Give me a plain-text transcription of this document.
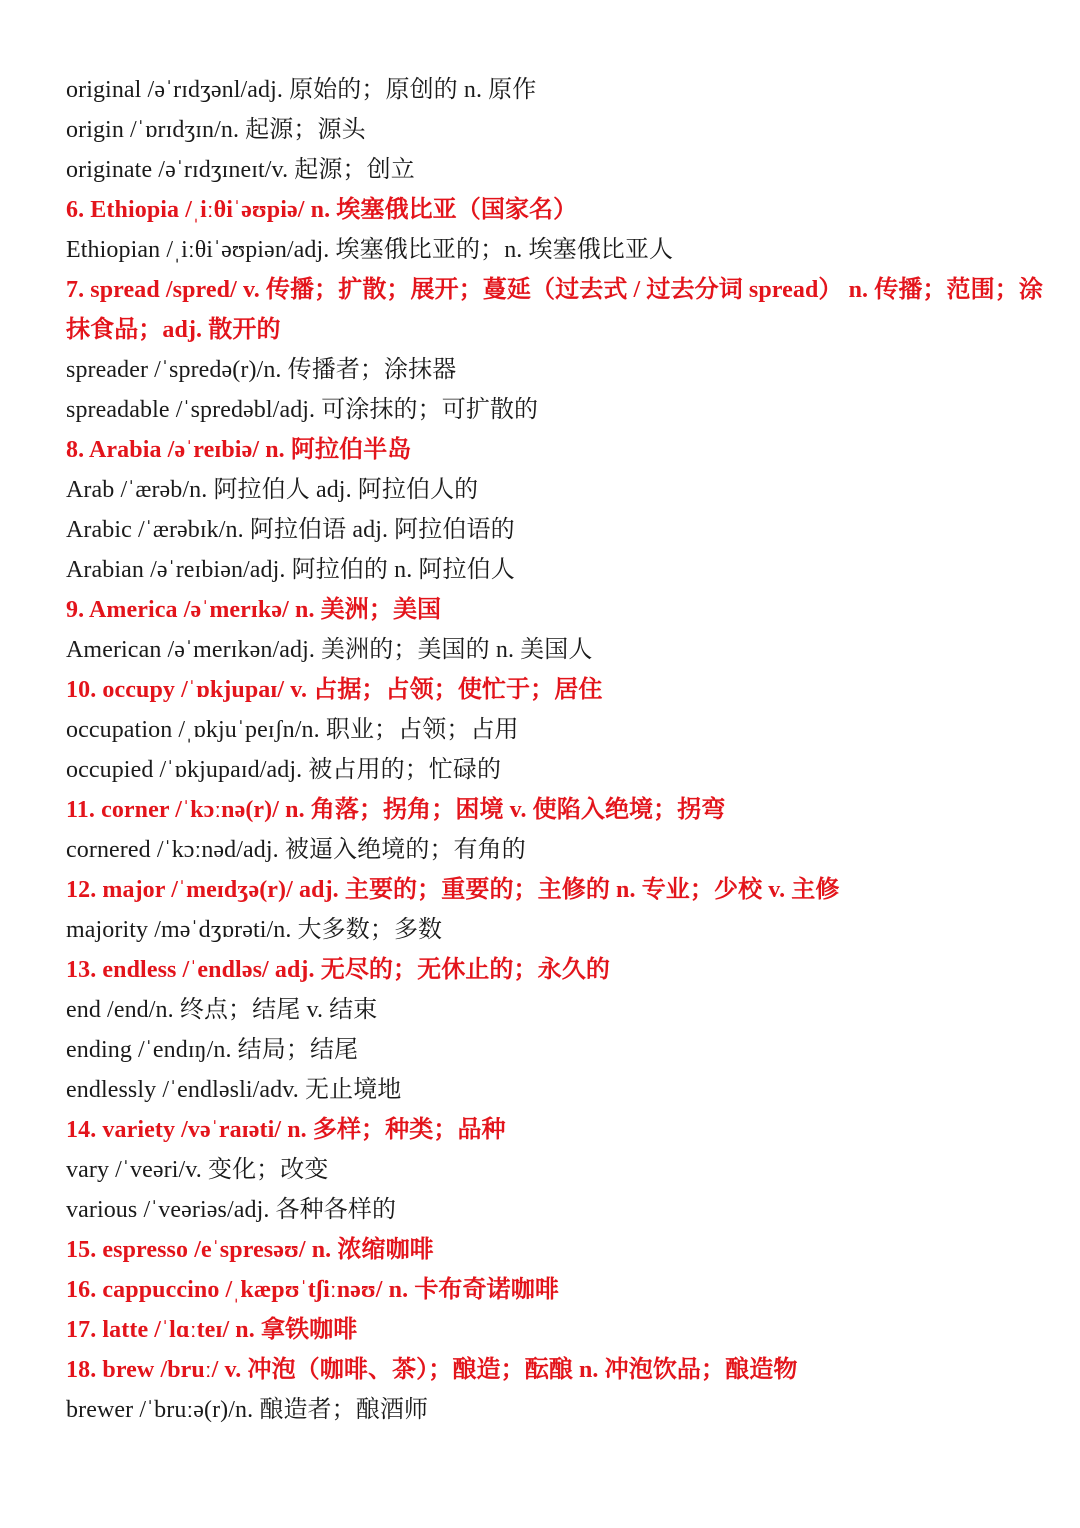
original /əˈrɪdʒənl/adj. 原始的；原创的 n. 原作
origin /ˈɒrɪdʒɪn/n. 起源；源头
originate /əˈrɪdʒɪneɪt/v. 起源；创立
6. Ethiopia /ˌiːθiˈəʊpiə/ n. 埃塞俄比亚（国家名）
Ethiopian /ˌiːθiˈəʊpiən/adj. 埃塞俄比亚的；n. 埃塞俄比亚人
7. spread /spred/ v. 传播；扩散；展开；蔓延（过去式 / 过去分词 spread） n. 传播；范围；涂抹食品；adj. 散开的
spreader /ˈspredə(r)/n. 传播者；涂抹器
spreadable /ˈspredəbl/adj. 可涂抹的；可扩散的
8. Arabia /əˈreɪbiə/ n. 阿拉伯半岛
Arab /ˈærəb/n. 阿拉伯人 adj. 阿拉伯人的
Arabic /ˈærəbɪk/n. 阿拉伯语 adj. 阿拉伯语的
Arabian /əˈreɪbiən/adj. 阿拉伯的 n. 阿拉伯人
9. America /əˈmerɪkə/ n. 美洲；美国
American /əˈmerɪkən/adj. 美洲的；美国的 n. 美国人
10. occupy /ˈɒkjupaɪ/ v. 占据；占领；使忙于；居住
occupation /ˌɒkjuˈpeɪʃn/n. 职业；占领；占用
occupied /ˈɒkjupaɪd/adj. 被占用的；忙碌的
11. corner /ˈkɔːnə(r)/ n. 角落；拐角；困境 v. 使陷入绝境；拐弯
cornered /ˈkɔːnəd/adj. 被逼入绝境的；有角的
12. major /ˈmeɪdʒə(r)/ adj. 主要的；重要的；主修的 n. 专业；少校 v. 主修
majority /məˈdʒɒrəti/n. 大多数；多数
13. endless /ˈendləs/ adj. 无尽的；无休止的；永久的
end /end/n. 终点；结尾 v. 结束
ending /ˈendɪŋ/n. 结局；结尾
endlessly /ˈendləsli/adv. 无止境地
14. variety /vəˈraɪəti/ n. 多样；种类；品种
vary /ˈveəri/v. 变化；改变
various /ˈveəriəs/adj. 各种各样的
15. espresso /eˈspresəʊ/ n. 浓缩咖啡
16. cappuccino /ˌkæpʊˈtʃiːnəʊ/ n. 卡布奇诺咖啡
17. latte /ˈlɑːteɪ/ n. 拿铁咖啡
18. brew /bruː/ v. 冲泡（咖啡、茶）；酿造；酝酿 n. 冲泡饮品；酿造物
brewer /ˈbruːə(r)/n. 酿造者；酿酒师
